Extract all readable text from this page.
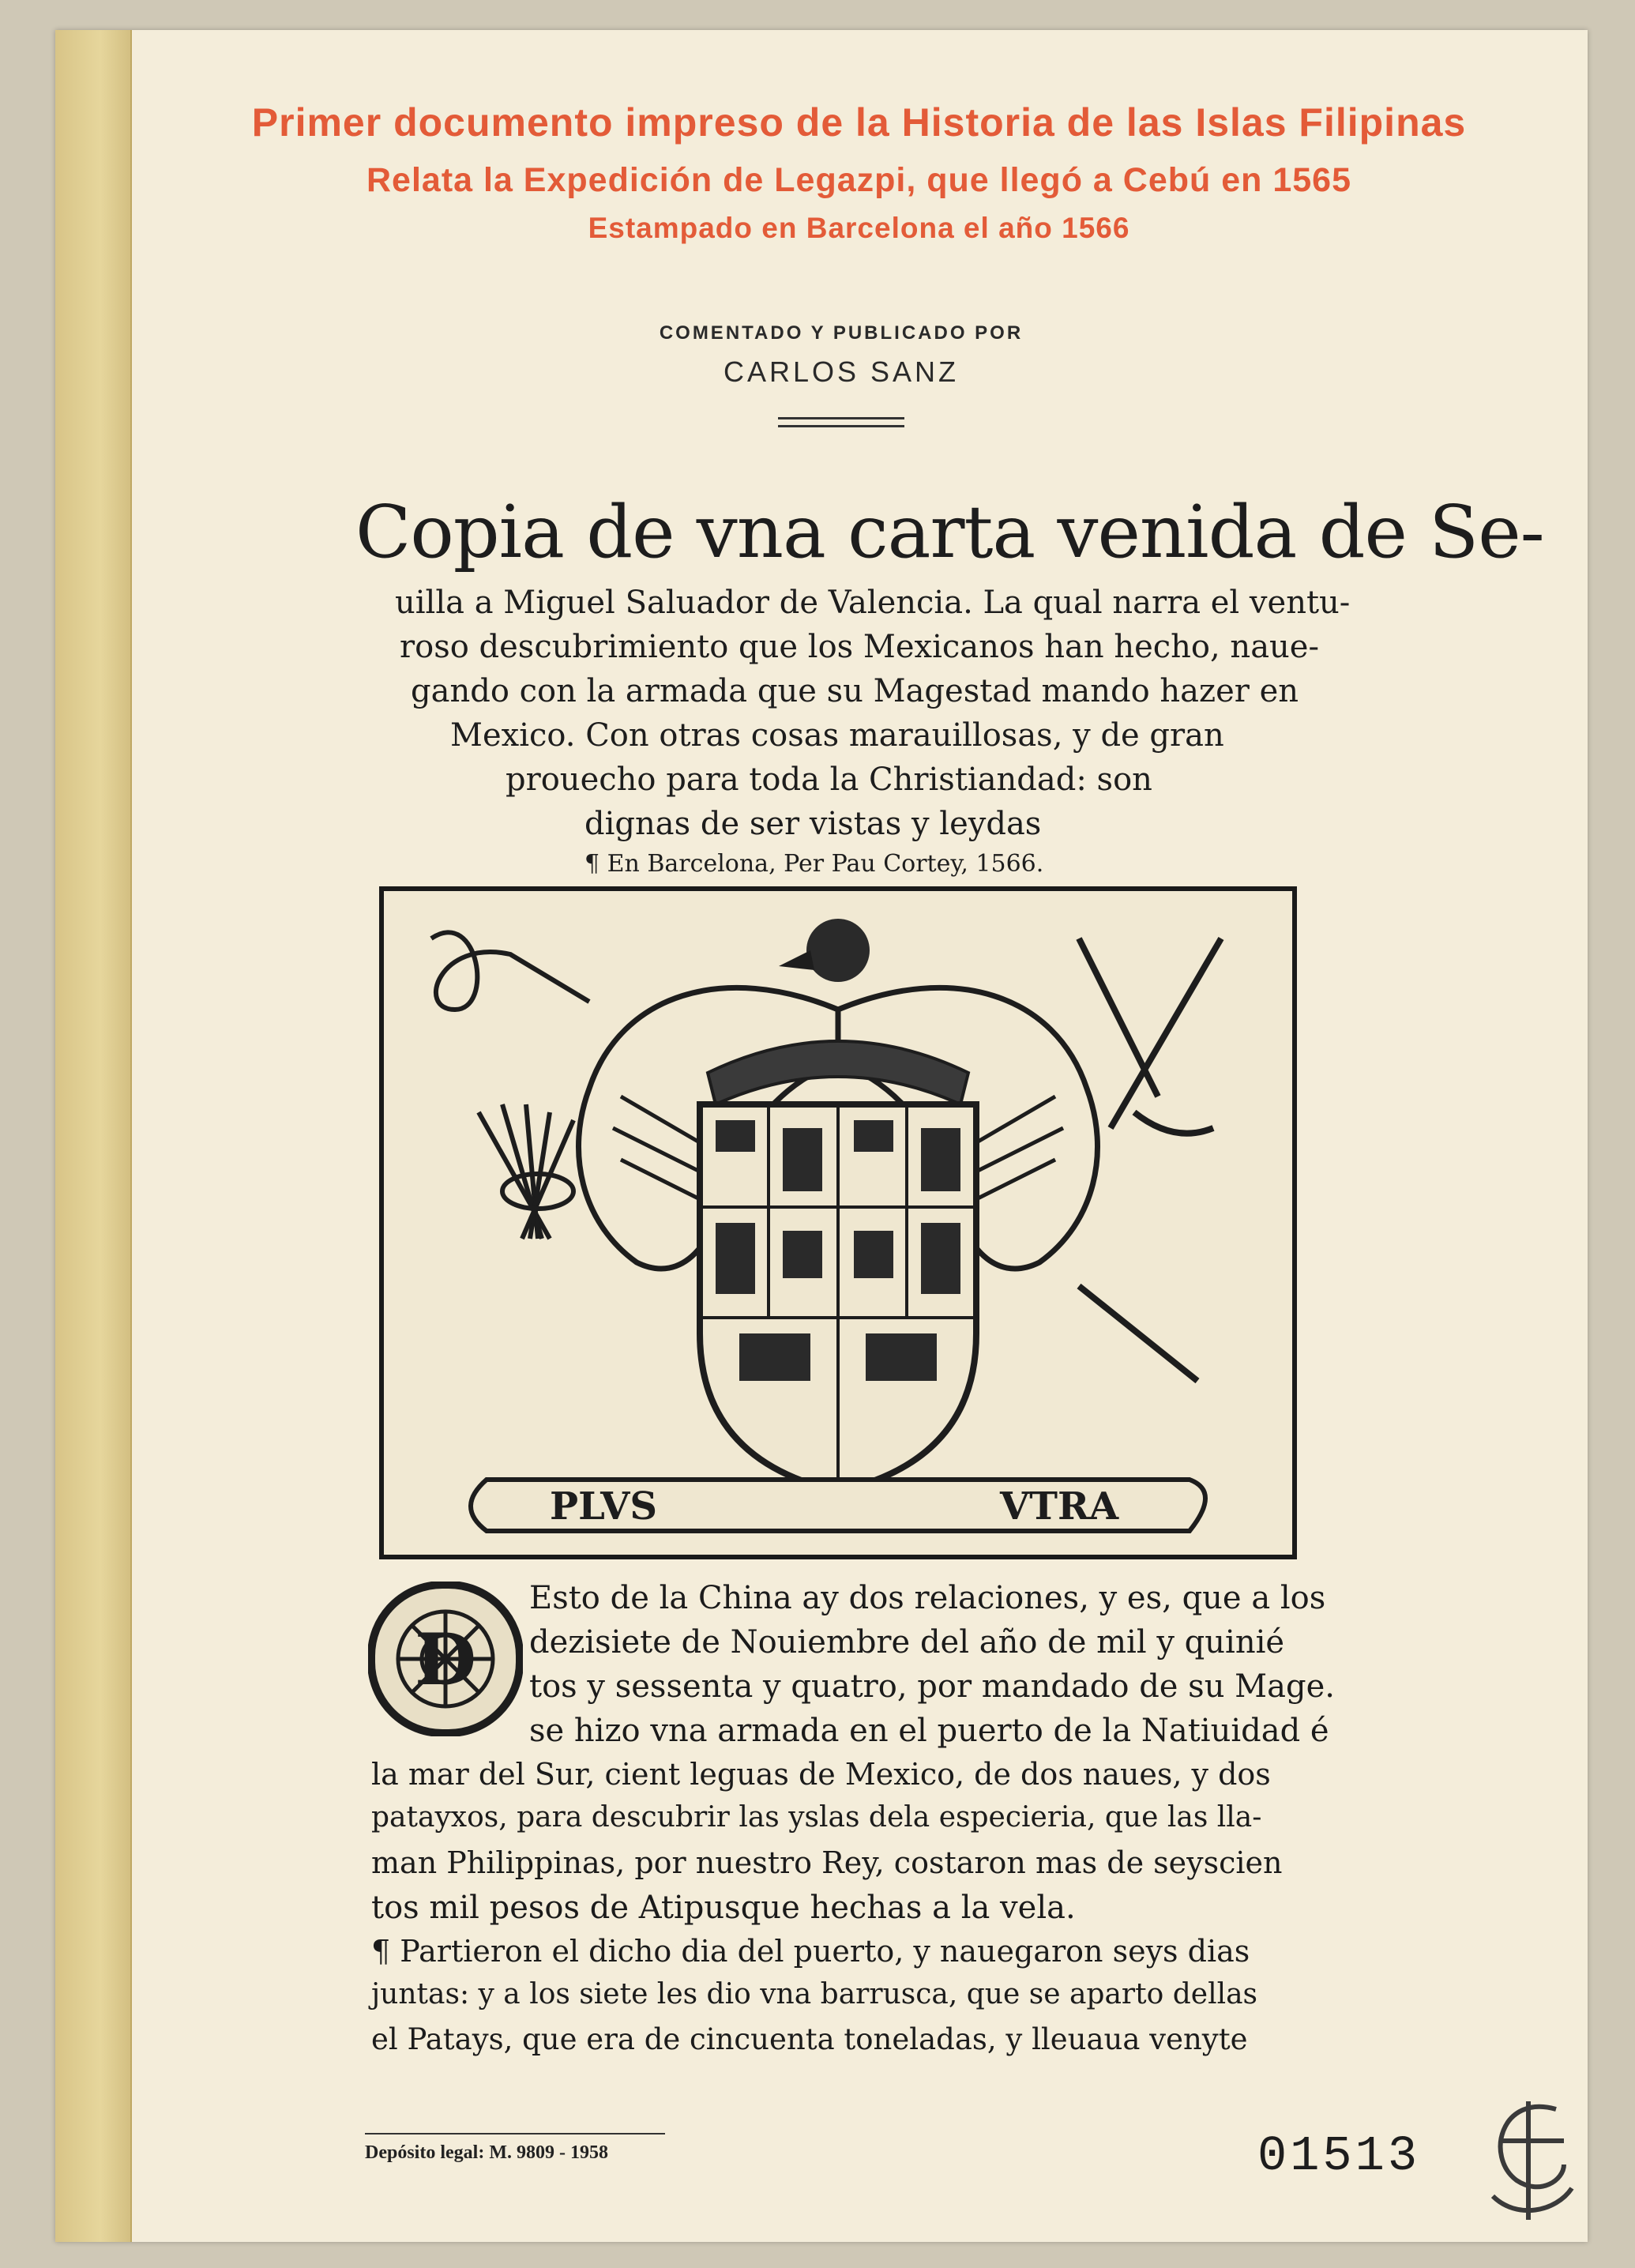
Primer documento impreso de la Historia de las Islas Filipinas
Relata la Expedición de Legazpi, que llegó a Cebú en 1565
Estampado en Barcelona el año 1566
COMENTADO Y PUBLICADO POR
CARLOS SANZ
Copia de vna carta venida de Se-
uilla a Miguel Saluador de Valencia. La qual narra el ventu-
roso descubrimiento que los Mexicanos han hecho, naue-
gando con la armada que su Magestad mando hazer en
Mexico. Con otras cosas marauillosas, y de gran
prouecho para toda la Christiandad: son
dignas de ser vistas y leydas
¶ En Barcelona, Per Pau Cortey, 1566.
PLVS	VTRA
D
Esto de la China ay dos relaciones, y es, que a los
dezisiete de Nouiembre del año de mil y quinié
tos y sessenta y quatro, por mandado de su Mage.
se hizo vna armada en el puerto de la Natiuidad é
la mar del Sur, cient leguas de Mexico, de dos naues, y dos
patayxos, para descubrir las yslas dela especieria, que las lla-
man Philippinas, por nuestro Rey, costaron mas de seyscien
tos mil pesos de Atipusque hechas a la vela.
¶ Partieron el dicho dia del puerto, y nauegaron seys dias
juntas: y a los siete les dio vna barrusca, que se aparto dellas
el Patays, que era de cincuenta toneladas, y lleuaua venyte
Depósito legal: M. 9809 - 1958	01513
